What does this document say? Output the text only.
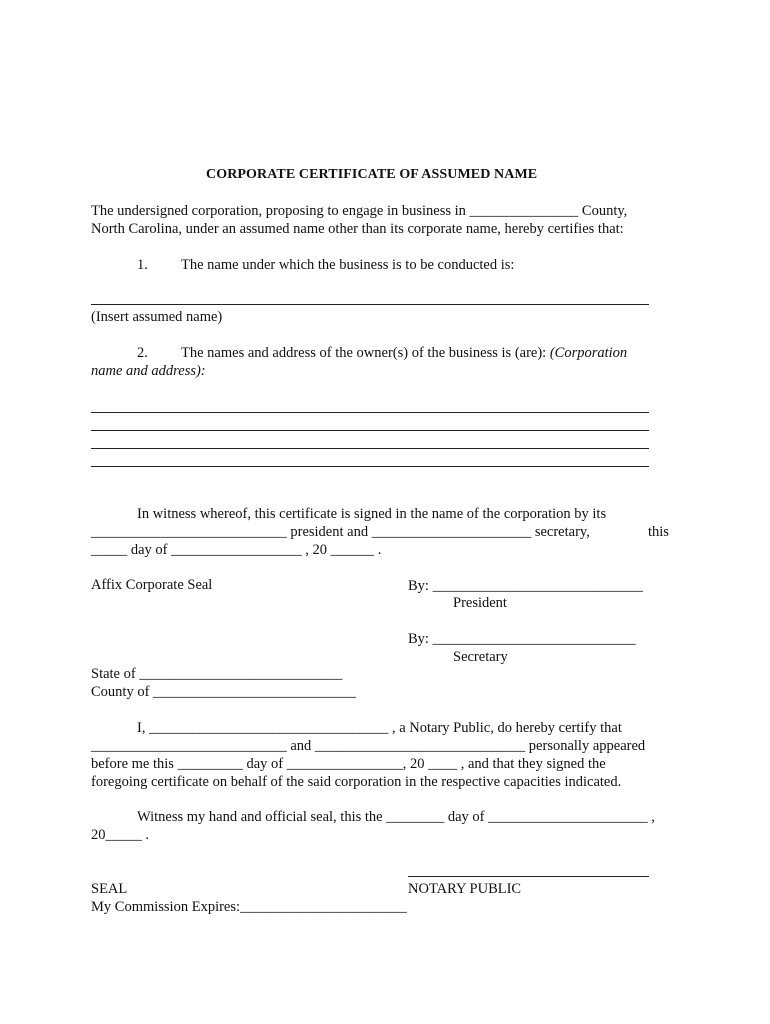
CORPORATE CERTIFICATE OF ASSUMED NAME
The undersigned corporation, proposing to engage in business in _______________ County,
North Carolina, under an assumed name other than its corporate name, hereby certifies that:
1. The name under which the business is to be conducted is:
(Insert assumed name)
2. The names and address of the owner(s) of the business is (are): (Corporation
name and address):
In witness whereof, this certificate is signed in the name of the corporation by its
___________________________ president and ______________________ secretary,	this
_____ day of __________________ , 20 ______ .
Affix Corporate Seal	By: _____________________________
President
By: ____________________________
Secretary
State of ____________________________
County of ____________________________
I, _________________________________ , a Notary Public, do hereby certify that
___________________________ and _____________________________ personally appeared
before me this _________ day of ________________, 20 ____ , and that they signed the
foregoing certificate on behalf of the said corporation in the respective capacities indicated.
Witness my hand and official seal, this the ________ day of ______________________ ,
20_____ .
SEAL	NOTARY PUBLIC
My Commission Expires:_______________________
